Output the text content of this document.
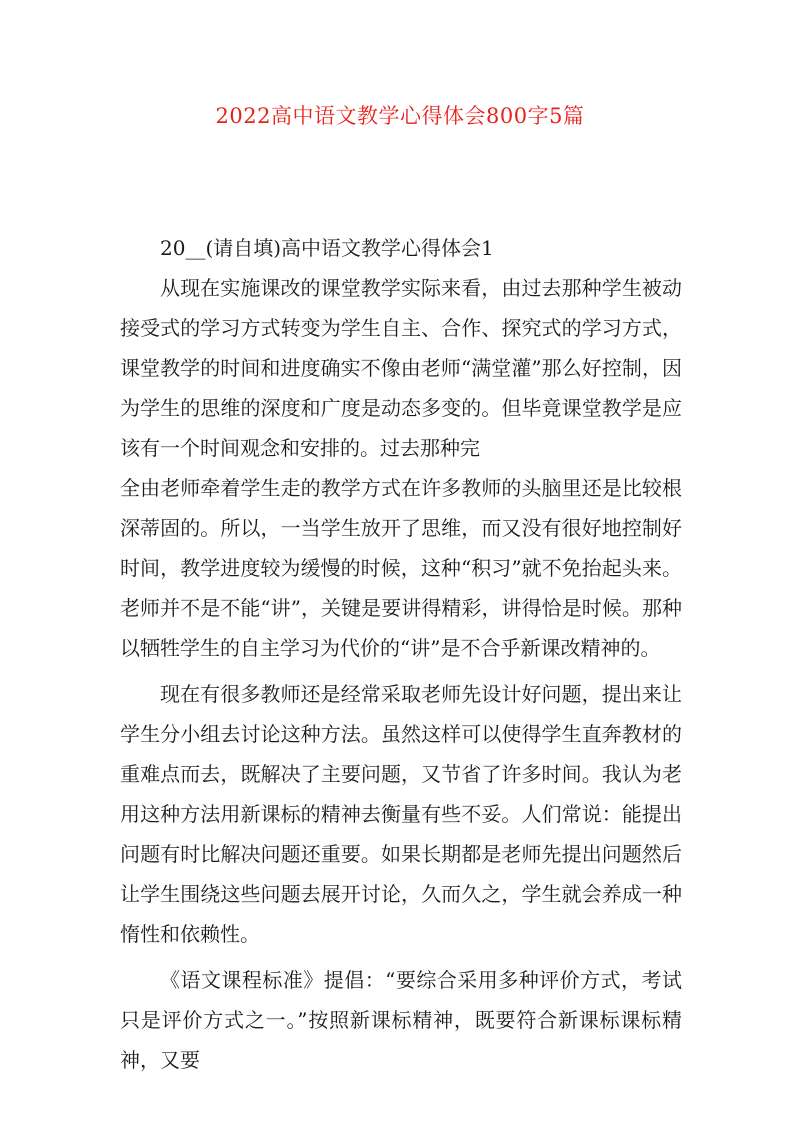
2022高中语文教学心得体会800字5篇

20__(请自填)高中语文教学心得体会1

从现在实施课改的课堂教学实际来看，由过去那种学生被动接受式的学习方式转变为学生自主、合作、探究式的学习方式，课堂教学的时间和进度确实不像由老师“满堂灌”那么好控制，因为学生的思维的深度和广度是动态多变的。但毕竟课堂教学是应该有一个时间观念和安排的。过去那种完

全由老师牵着学生走的教学方式在许多教师的头脑里还是比较根深蒂固的。所以，一当学生放开了思维，而又没有很好地控制好时间，教学进度较为缓慢的时候，这种“积习”就不免抬起头来。老师并不是不能“讲”，关键是要讲得精彩，讲得恰是时候。那种以牺牲学生的自主学习为代价的“讲”是不合乎新课改精神的。

现在有很多教师还是经常采取老师先设计好问题，提出来让学生分小组去讨论这种方法。虽然这样可以使得学生直奔教材的重难点而去，既解决了主要问题，又节省了许多时间。我认为老用这种方法用新课标的精神去衡量有些不妥。人们常说：能提出问题有时比解决问题还重要。如果长期都是老师先提出问题然后让学生围绕这些问题去展开讨论，久而久之，学生就会养成一种惰性和依赖性。

《语文课程标准》提倡：“要综合采用多种评价方式，考试只是评价方式之一。”按照新课标精神，既要符合新课标课标精神，又要
